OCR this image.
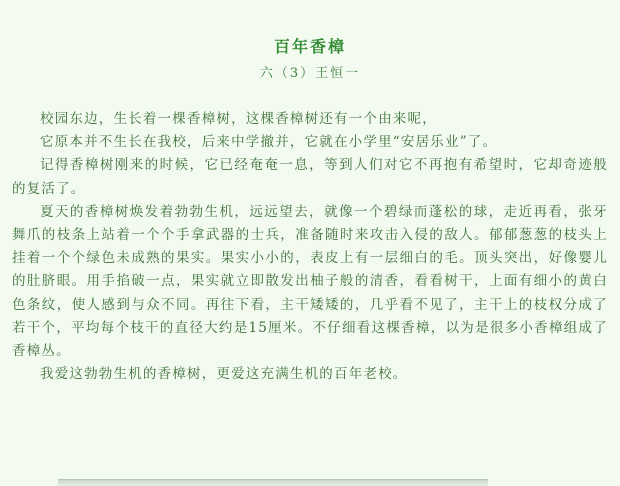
百年香樟
六（3）王恒一

校园东边，生长着一棵香樟树，这棵香樟树还有一个由来呢，

它原本并不生长在我校，后来中学撤并，它就在小学里“安居乐业”了。

记得香樟树刚来的时候，它已经奄奄一息，等到人们对它不再抱有希望时，它却奇迹般的复活了。

夏天的香樟树焕发着勃勃生机，远远望去，就像一个碧绿而蓬松的球，走近再看，张牙舞爪的枝条上站着一个个手拿武器的士兵，准备随时来攻击入侵的敌人。郁郁葱葱的枝头上挂着一个个绿色未成熟的果实。果实小小的，表皮上有一层细白的毛。顶头突出，好像婴儿的肚脐眼。用手掐破一点，果实就立即散发出柚子般的清香，看看树干，上面有细小的黄白色条纹，使人感到与众不同。再往下看，主干矮矮的，几乎看不见了，主干上的枝权分成了若干个，平均每个枝干的直径大约是15厘米。不仔细看这棵香樟，以为是很多小香樟组成了香樟丛。

我爱这勃勃生机的香樟树，更爱这充满生机的百年老校。
